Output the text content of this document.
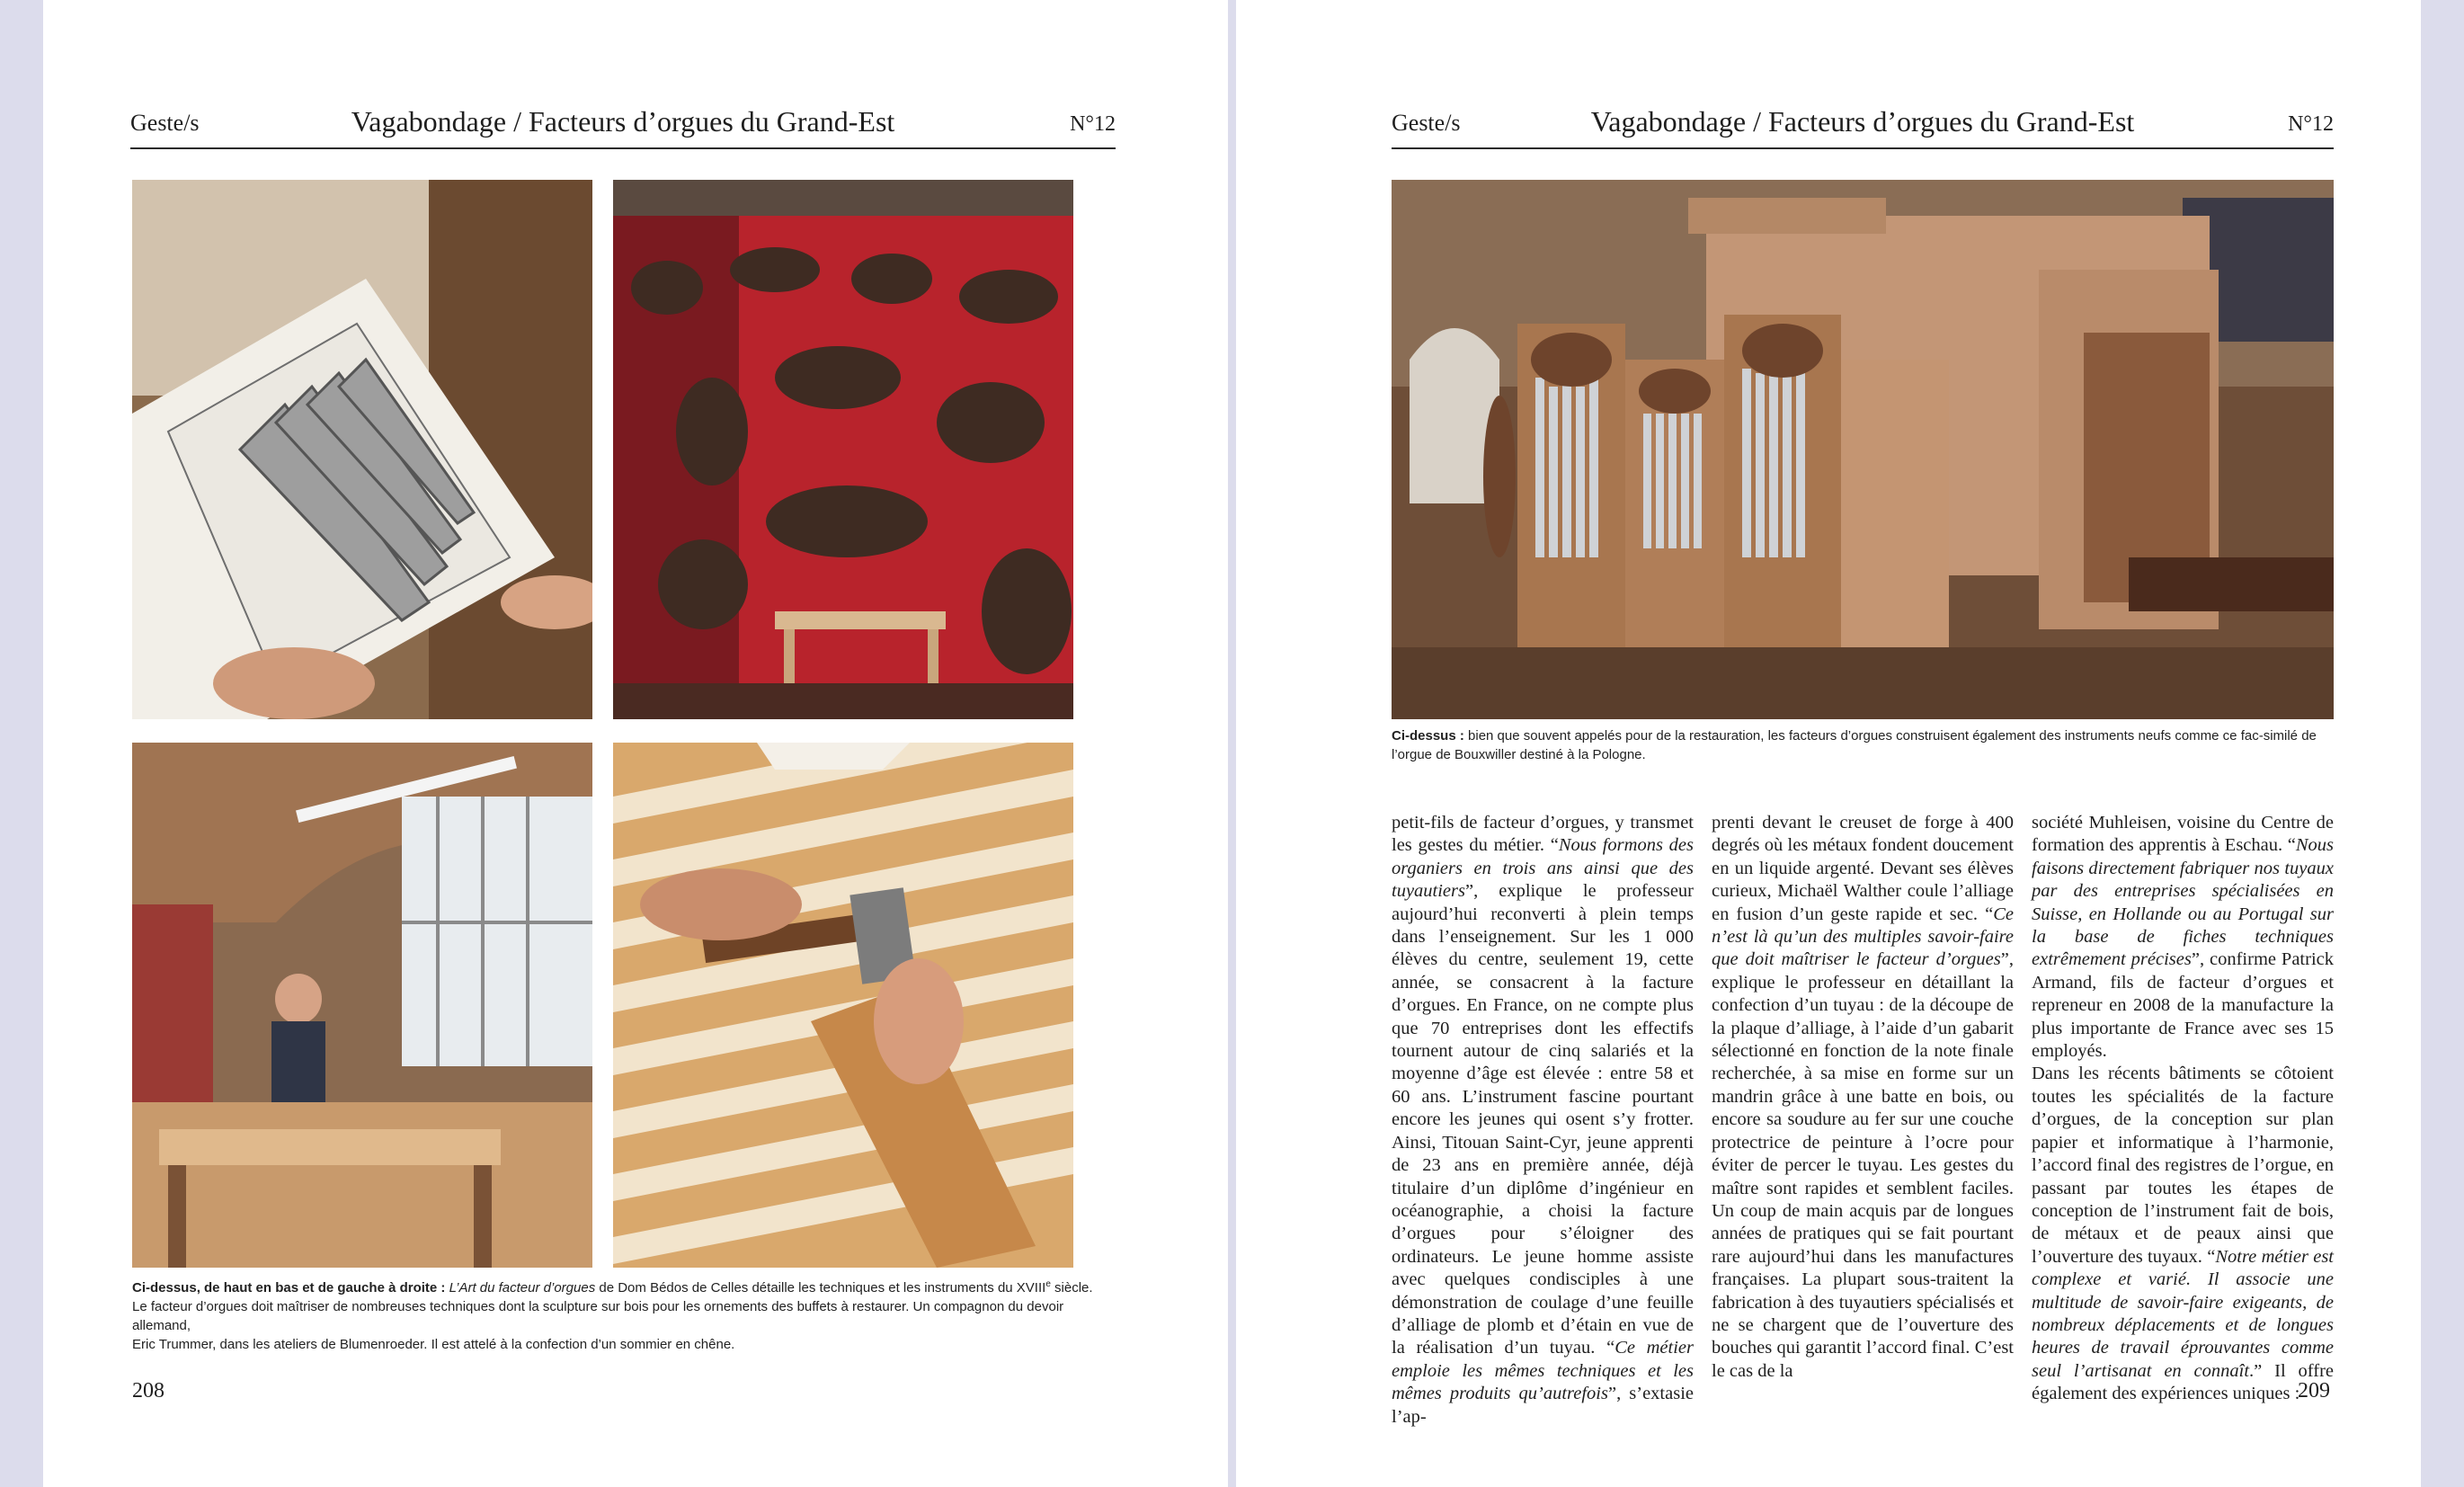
Geste/s	Vagabondage / Facteurs d’orgues du Grand-Est	N°12
Ci-dessus, de haut en bas et de gauche à droite : L’Art du facteur d’orgues de Dom Bédos de Celles détaille les techniques et les instruments du XVIIIe siècle.
Le facteur d’orgues doit maîtriser de nombreuses techniques dont la sculpture sur bois pour les ornements des buffets à restaurer. Un compagnon du devoir allemand,
Eric Trummer, dans les ateliers de Blumenroeder. Il est attelé à la confection d’un sommier en chêne.
208
Geste/s	Vagabondage / Facteurs d’orgues du Grand-Est	N°12
Ci-dessus : bien que souvent appelés pour de la restauration, les facteurs d’orgues construisent également des instruments neufs comme ce fac-similé de l’orgue de Bouxwiller destiné à la Pologne.

petit-fils de facteur d’orgues, y transmet les gestes du métier. “Nous formons des organiers en trois ans ainsi que des tuyautiers”, explique le professeur aujourd’hui reconverti à plein temps dans l’enseignement. Sur les 1 000 élèves du centre, seulement 19, cette année, se consacrent à la facture d’orgues. En France, on ne compte plus que 70 entreprises dont les effectifs tournent autour de cinq salariés et la moyenne d’âge est élevée : entre 58 et 60 ans. L’instrument fascine pourtant encore les jeunes qui osent s’y frotter. Ainsi, Titouan Saint-Cyr, jeune apprenti de 23 ans en première année, déjà titulaire d’un diplôme d’ingénieur en océanographie, a choisi la facture d’orgues pour s’éloigner des ordinateurs. Le jeune homme assiste avec quelques condisciples à une démonstration de coulage d’une feuille d’alliage de plomb et d’étain en vue de la réalisation d’un tuyau. “Ce métier emploie les mêmes techniques et les mêmes produits qu’autrefois”, s’extasie l’ap-

prenti devant le creuset de forge à 400 degrés où les métaux fondent doucement en un liquide argenté. Devant ses élèves curieux, Michaël Walther coule l’alliage en fusion d’un geste rapide et sec. “Ce n’est là qu’un des multiples savoir-faire que doit maîtriser le facteur d’orgues”, explique le professeur en détaillant la confection d’un tuyau : de la découpe de la plaque d’alliage, à l’aide d’un gabarit sélectionné en fonction de la note finale recherchée, à sa mise en forme sur un mandrin grâce à une batte en bois, ou encore sa soudure au fer sur une couche protectrice de peinture à l’ocre pour éviter de percer le tuyau. Les gestes du maître sont rapides et semblent faciles. Un coup de main acquis par de longues années de pratiques qui se fait pourtant rare aujourd’hui dans les manufactures françaises. La plupart sous-traitent la fabrication à des tuyautiers spécialisés et ne se chargent que de l’ouverture des bouches qui garantit l’accord final. C’est le cas de la

société Muhleisen, voisine du Centre de formation des apprentis à Eschau. “Nous faisons directement fabriquer nos tuyaux par des entreprises spécialisées en Suisse, en Hollande ou au Portugal sur la base de fiches techniques extrêmement précises”, confirme Patrick Armand, fils de facteur d’orgues et repreneur en 2008 de la manufacture la plus importante de France avec ses 15 employés.

Dans les récents bâtiments se côtoient toutes les spécialités de la facture d’orgues, de la conception sur plan papier et informatique à l’harmonie, l’accord final des registres de l’orgue, en passant par toutes les étapes de conception de l’instrument fait de bois, de métaux et de peaux ainsi que l’ouverture des tuyaux. “Notre métier est complexe et varié. Il associe une multitude de savoir-faire exigeants, de nombreux déplacements et de longues heures de travail éprouvantes comme seul l’artisanat en connaît.” Il offre également des expériences uniques :

209
